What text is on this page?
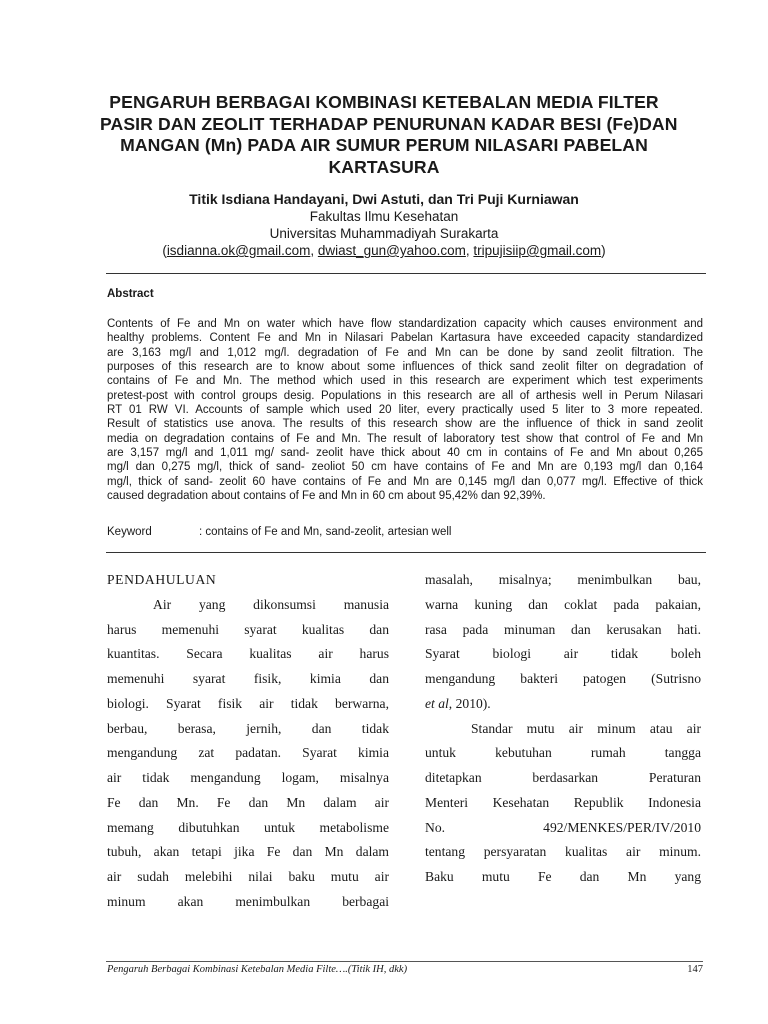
PENGARUH BERBAGAI KOMBINASI KETEBALAN MEDIA FILTER
PASIR DAN ZEOLIT TERHADAP PENURUNAN KADAR BESI (Fe)DAN
MANGAN (Mn) PADA AIR SUMUR PERUM NILASARI PABELAN
KARTASURA
Titik Isdiana Handayani, Dwi Astuti, dan Tri Puji Kurniawan
Fakultas Ilmu Kesehatan
Universitas Muhammadiyah Surakarta
(isdianna.ok@gmail.com, dwiast_gun@yahoo.com, tripujisiip@gmail.com)
Abstract
Contents of Fe and Mn on water which have flow standardization capacity which causes environment and
healthy problems. Content Fe and Mn in Nilasari Pabelan Kartasura have exceeded capacity standardized
are 3,163 mg/l and 1,012 mg/l. degradation of Fe and Mn can be done by sand zeolit filtration. The
purposes of this research are to know about some influences of thick sand zeolit filter on degradation of
contains of Fe and Mn. The method which used in this research are experiment which test experiments
pretest-post with control groups desig. Populations in this research are all of arthesis well in Perum Nilasari
RT 01 RW VI. Accounts of sample which used 20 liter, every practically used 5 liter to 3 more repeated.
Result of statistics use anova. The results of this research show are the influence of thick in sand zeolit
media on degradation contains of Fe and Mn. The result of laboratory test show that control of Fe and Mn
are 3,157 mg/l and 1,011 mg/ sand- zeolit have thick about 40 cm in contains of Fe and Mn about 0,265
mg/l dan 0,275 mg/l, thick of sand- zeoliot 50 cm have contains of Fe and Mn are 0,193 mg/l dan 0,164
mg/l, thick of sand- zeolit 60 have contains of Fe and Mn are 0,145 mg/l dan 0,077 mg/l. Effective of thick
caused degradation about contains of Fe and Mn in 60 cm about 95,42% dan 92,39%.
Keyword	: contains of Fe and Mn, sand-zeolit, artesian well
PENDAHULUAN
Air yang dikonsumsi manusia
harus memenuhi syarat kualitas dan
kuantitas. Secara kualitas air harus
memenuhi syarat fisik, kimia dan
biologi. Syarat fisik air tidak berwarna,
berbau, berasa, jernih, dan tidak
mengandung zat padatan. Syarat kimia
air tidak mengandung logam, misalnya
Fe dan Mn. Fe dan Mn dalam air
memang dibutuhkan untuk metabolisme
tubuh, akan tetapi jika Fe dan Mn dalam
air sudah melebihi nilai baku mutu air
minum akan menimbulkan berbagai
masalah, misalnya; menimbulkan bau,
warna kuning dan coklat pada pakaian,
rasa pada minuman dan kerusakan hati.
Syarat biologi air tidak boleh
mengandung bakteri patogen (Sutrisno
et al, 2010).
Standar mutu air minum atau air
untuk kebutuhan rumah tangga
ditetapkan berdasarkan Peraturan
Menteri Kesehatan Republik Indonesia
No. 492/MENKES/PER/IV/2010
tentang persyaratan kualitas air minum.
Baku mutu Fe dan Mn yang
Pengaruh Berbagai Kombinasi Ketebalan Media Filte….(Titik IH, dkk)	147
